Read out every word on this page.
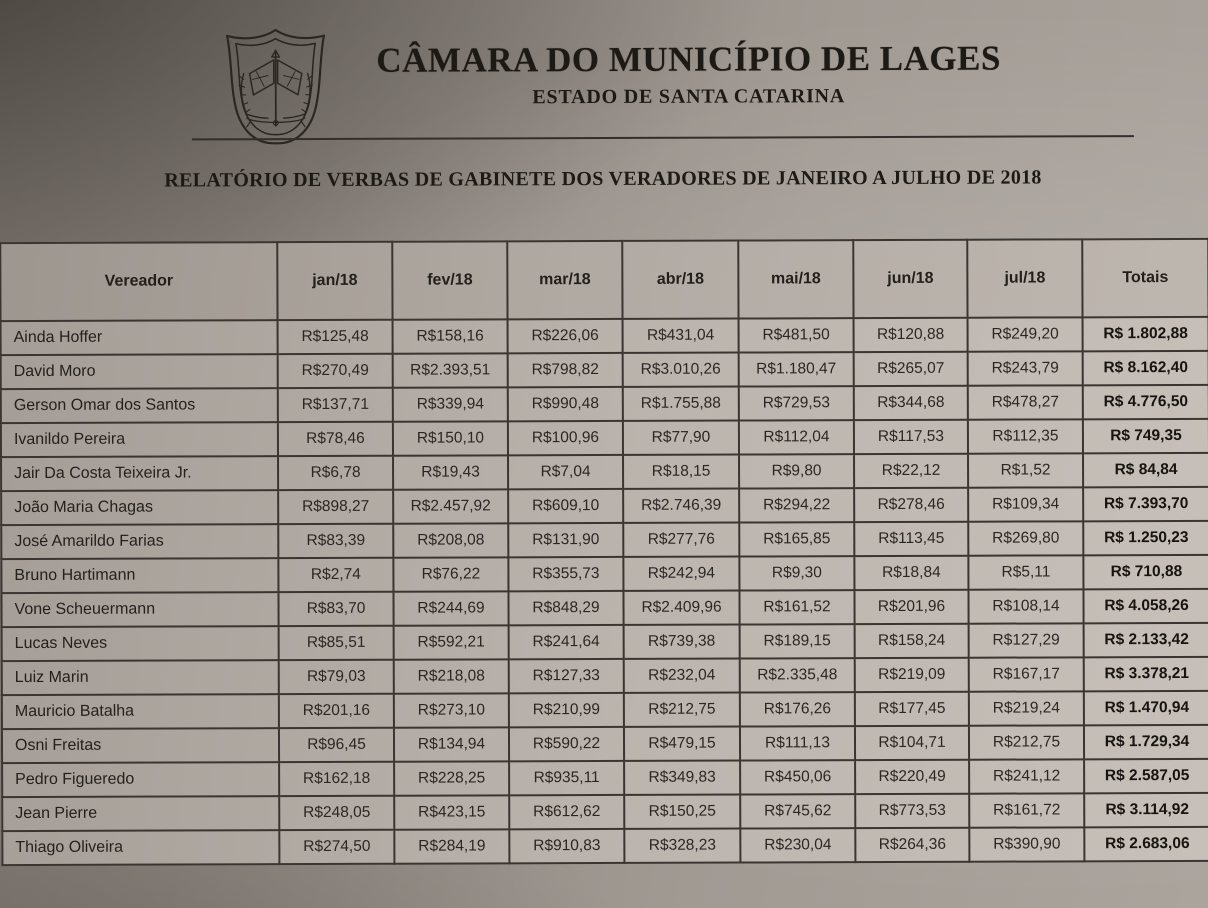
CÂMARA DO MUNICÍPIO DE LAGES
ESTADO DE SANTA CATARINA
RELATÓRIO DE VERBAS DE GABINETE DOS VERADORES DE JANEIRO A JULHO DE 2018
Vereador	jan/18	fev/18	mar/18	abr/18	mai/18	jun/18	jul/18	Totais
Ainda Hoffer	R$125,48	R$158,16	R$226,06	R$431,04	R$481,50	R$120,88	R$249,20	R$ 1.802,88
David Moro	R$270,49	R$2.393,51	R$798,82	R$3.010,26	R$1.180,47	R$265,07	R$243,79	R$ 8.162,40
Gerson Omar dos Santos	R$137,71	R$339,94	R$990,48	R$1.755,88	R$729,53	R$344,68	R$478,27	R$ 4.776,50
Ivanildo Pereira	R$78,46	R$150,10	R$100,96	R$77,90	R$112,04	R$117,53	R$112,35	R$ 749,35
Jair Da Costa Teixeira Jr.	R$6,78	R$19,43	R$7,04	R$18,15	R$9,80	R$22,12	R$1,52	R$ 84,84
João Maria Chagas	R$898,27	R$2.457,92	R$609,10	R$2.746,39	R$294,22	R$278,46	R$109,34	R$ 7.393,70
José Amarildo Farias	R$83,39	R$208,08	R$131,90	R$277,76	R$165,85	R$113,45	R$269,80	R$ 1.250,23
Bruno Hartimann	R$2,74	R$76,22	R$355,73	R$242,94	R$9,30	R$18,84	R$5,11	R$ 710,88
Vone Scheuermann	R$83,70	R$244,69	R$848,29	R$2.409,96	R$161,52	R$201,96	R$108,14	R$ 4.058,26
Lucas Neves	R$85,51	R$592,21	R$241,64	R$739,38	R$189,15	R$158,24	R$127,29	R$ 2.133,42
Luiz Marin	R$79,03	R$218,08	R$127,33	R$232,04	R$2.335,48	R$219,09	R$167,17	R$ 3.378,21
Mauricio Batalha	R$201,16	R$273,10	R$210,99	R$212,75	R$176,26	R$177,45	R$219,24	R$ 1.470,94
Osni Freitas	R$96,45	R$134,94	R$590,22	R$479,15	R$111,13	R$104,71	R$212,75	R$ 1.729,34
Pedro Figueredo	R$162,18	R$228,25	R$935,11	R$349,83	R$450,06	R$220,49	R$241,12	R$ 2.587,05
Jean Pierre	R$248,05	R$423,15	R$612,62	R$150,25	R$745,62	R$773,53	R$161,72	R$ 3.114,92
Thiago Oliveira	R$274,50	R$284,19	R$910,83	R$328,23	R$230,04	R$264,36	R$390,90	R$ 2.683,06
